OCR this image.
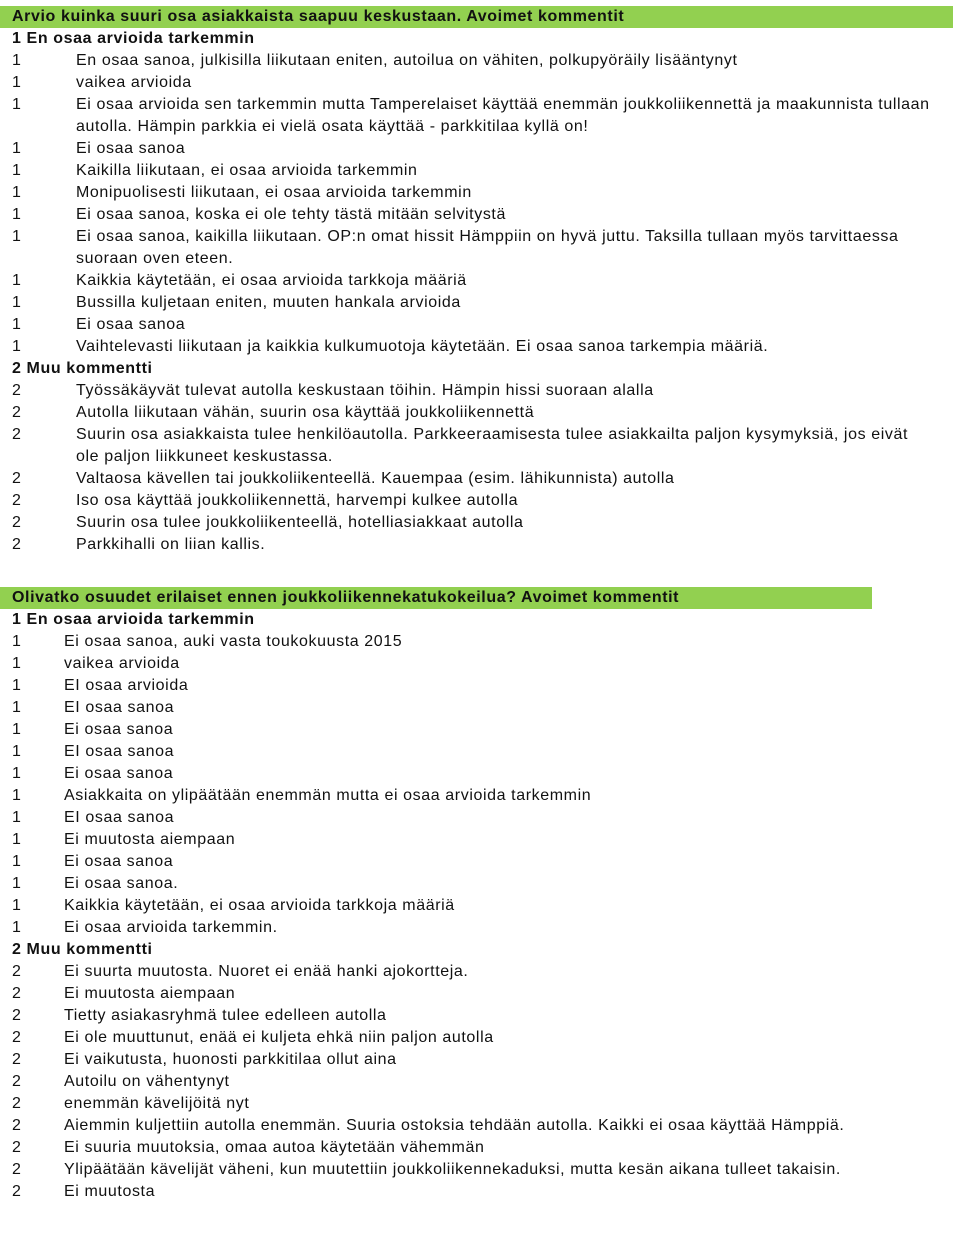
Arvio kuinka suuri osa asiakkaista saapuu keskustaan. Avoimet kommentit
1 En osaa arvioida tarkemmin
1	En osaa sanoa, julkisilla liikutaan eniten, autoilua on vähiten, polkupyöräily lisääntynyt
1	vaikea arvioida
1	Ei osaa arvioida sen tarkemmin mutta Tamperelaiset käyttää enemmän joukkoliikennettä ja maakunnista tullaan autolla. Hämpin parkkia ei vielä osata käyttää - parkkitilaa kyllä on!
1	Ei osaa sanoa
1	Kaikilla liikutaan, ei osaa arvioida tarkemmin
1	Monipuolisesti liikutaan, ei osaa arvioida tarkemmin
1	Ei osaa sanoa, koska ei ole tehty tästä mitään selvitystä
1	Ei osaa sanoa, kaikilla liikutaan. OP:n omat hissit Hämppiin on hyvä juttu. Taksilla tullaan myös tarvittaessa suoraan oven eteen.
1	Kaikkia käytetään, ei osaa arvioida tarkkoja määriä
1	Bussilla kuljetaan eniten, muuten hankala arvioida
1	Ei osaa sanoa
1	Vaihtelevasti liikutaan ja kaikkia kulkumuotoja käytetään. Ei osaa sanoa tarkempia määriä.
2 Muu kommentti
2	Työssäkäyvät tulevat autolla keskustaan töihin. Hämpin hissi suoraan alalla
2	Autolla liikutaan vähän, suurin osa käyttää joukkoliikennettä
2	Suurin osa asiakkaista tulee henkilöautolla. Parkkeeraamisesta tulee asiakkailta paljon kysymyksiä, jos eivät ole paljon liikkuneet keskustassa.
2	Valtaosa kävellen tai joukkoliikenteellä. Kauempaa (esim. lähikunnista) autolla
2	Iso osa käyttää joukkoliikennettä, harvempi kulkee autolla
2	Suurin osa tulee joukkoliikenteellä, hotelliasiakkaat autolla
2	Parkkihalli on liian kallis.
Olivatko osuudet erilaiset ennen joukkoliikennekatukokeilua? Avoimet kommentit
1 En osaa arvioida tarkemmin
1	Ei osaa sanoa, auki vasta toukokuusta 2015
1	vaikea arvioida
1	EI osaa arvioida
1	EI osaa sanoa
1	Ei osaa sanoa
1	EI osaa sanoa
1	Ei osaa sanoa
1	Asiakkaita on ylipäätään enemmän mutta ei osaa arvioida tarkemmin
1	EI osaa sanoa
1	Ei muutosta aiempaan
1	Ei osaa sanoa
1	Ei osaa sanoa.
1	Kaikkia käytetään, ei osaa arvioida tarkkoja määriä
1	Ei osaa arvioida tarkemmin.
2 Muu kommentti
2	Ei suurta muutosta. Nuoret ei enää hanki ajokortteja.
2	Ei muutosta aiempaan
2	Tietty asiakasryhmä tulee edelleen autolla
2	Ei ole muuttunut, enää ei kuljeta ehkä niin paljon autolla
2	Ei vaikutusta, huonosti parkkitilaa ollut aina
2	Autoilu on vähentynyt
2	enemmän kävelijöitä nyt
2	Aiemmin kuljettiin autolla enemmän. Suuria ostoksia tehdään autolla. Kaikki ei osaa käyttää Hämppiä.
2	Ei suuria muutoksia, omaa autoa käytetään vähemmän
2	Ylipäätään kävelijät väheni, kun muutettiin joukkoliikennekaduksi, mutta kesän aikana tulleet takaisin.
2	Ei muutosta
